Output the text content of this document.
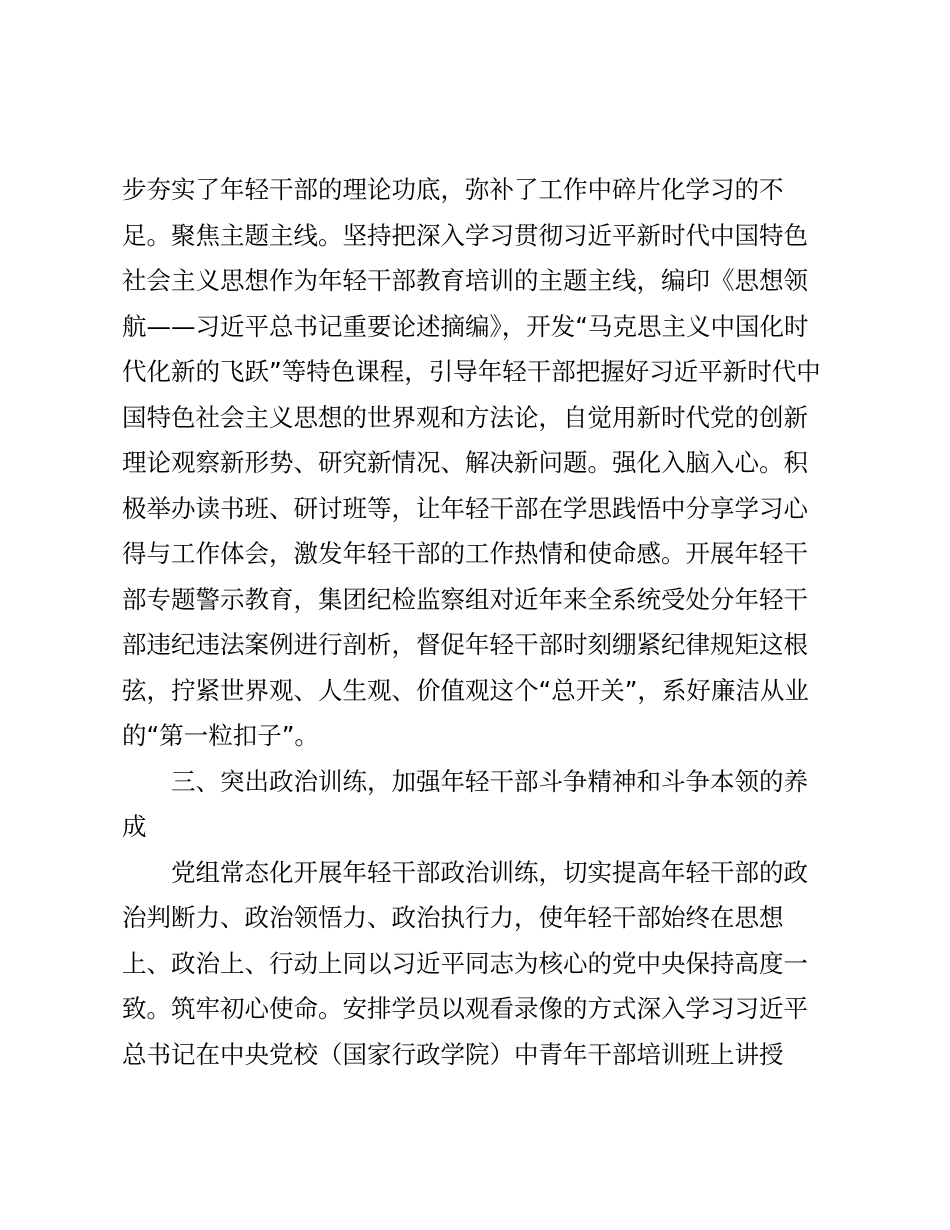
步夯实了年轻干部的理论功底，弥补了工作中碎片化学习的不

足。聚焦主题主线。坚持把深入学习贯彻习近平新时代中国特色

社会主义思想作为年轻干部教育培训的主题主线，编印《思想领

航——习近平总书记重要论述摘编》，开发“马克思主义中国化时

代化新的飞跃”等特色课程，引导年轻干部把握好习近平新时代中

国特色社会主义思想的世界观和方法论，自觉用新时代党的创新

理论观察新形势、研究新情况、解决新问题。强化入脑入心。积

极举办读书班、研讨班等，让年轻干部在学思践悟中分享学习心

得与工作体会，激发年轻干部的工作热情和使命感。开展年轻干

部专题警示教育，集团纪检监察组对近年来全系统受处分年轻干

部违纪违法案例进行剖析，督促年轻干部时刻绷紧纪律规矩这根

弦，拧紧世界观、人生观、价值观这个“总开关”，系好廉洁从业

的“第一粒扣子”。

　　三、突出政治训练，加强年轻干部斗争精神和斗争本领的养

成

　　党组常态化开展年轻干部政治训练，切实提高年轻干部的政

治判断力、政治领悟力、政治执行力，使年轻干部始终在思想

上、政治上、行动上同以习近平同志为核心的党中央保持高度一

致。筑牢初心使命。安排学员以观看录像的方式深入学习习近平

总书记在中央党校（国家行政学院）中青年干部培训班上讲授
